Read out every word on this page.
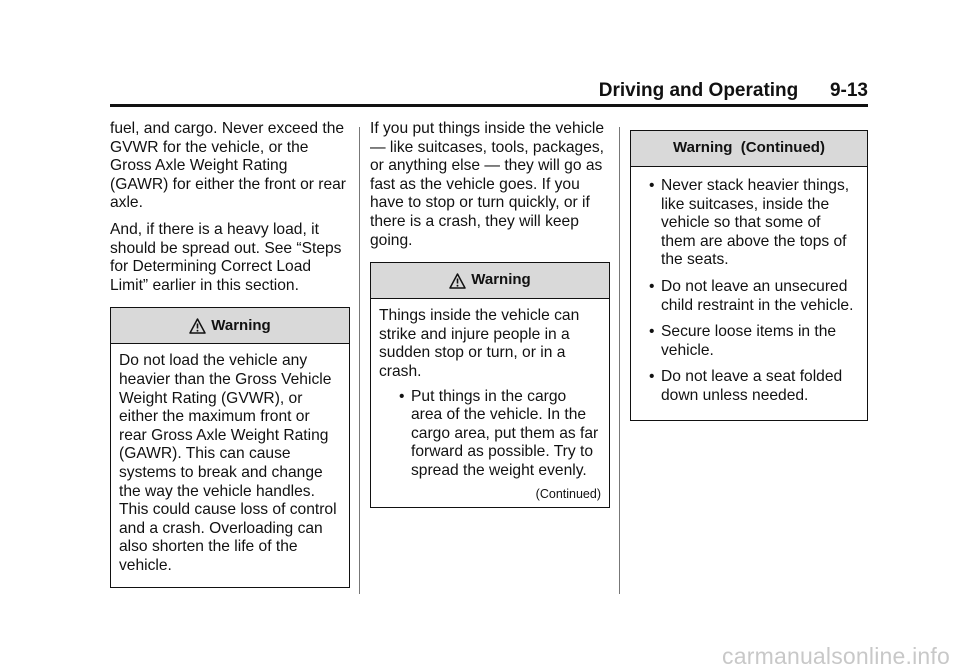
Driving and Operating 9-13

fuel, and cargo. Never exceed the GVWR for the vehicle, or the Gross Axle Weight Rating (GAWR) for either the front or rear axle.

And, if there is a heavy load, it should be spread out. See “Steps for Determining Correct Load Limit” earlier in this section.

Warning

Do not load the vehicle any heavier than the Gross Vehicle Weight Rating (GVWR), or either the maximum front or rear Gross Axle Weight Rating (GAWR). This can cause systems to break and change the way the vehicle handles. This could cause loss of control and a crash. Overloading can also shorten the life of the vehicle.

If you put things inside the vehicle — like suitcases, tools, packages, or anything else — they will go as fast as the vehicle goes. If you have to stop or turn quickly, or if there is a crash, they will keep going.

Warning

Things inside the vehicle can strike and injure people in a sudden stop or turn, or in a crash.

• Put things in the cargo area of the vehicle. In the cargo area, put them as far forward as possible. Try to spread the weight evenly.
(Continued)
Warning  (Continued)
• Never stack heavier things, like suitcases, inside the vehicle so that some of them are above the tops of the seats.
• Do not leave an unsecured child restraint in the vehicle.
• Secure loose items in the vehicle.
• Do not leave a seat folded down unless needed.
carmanualsonline.info
